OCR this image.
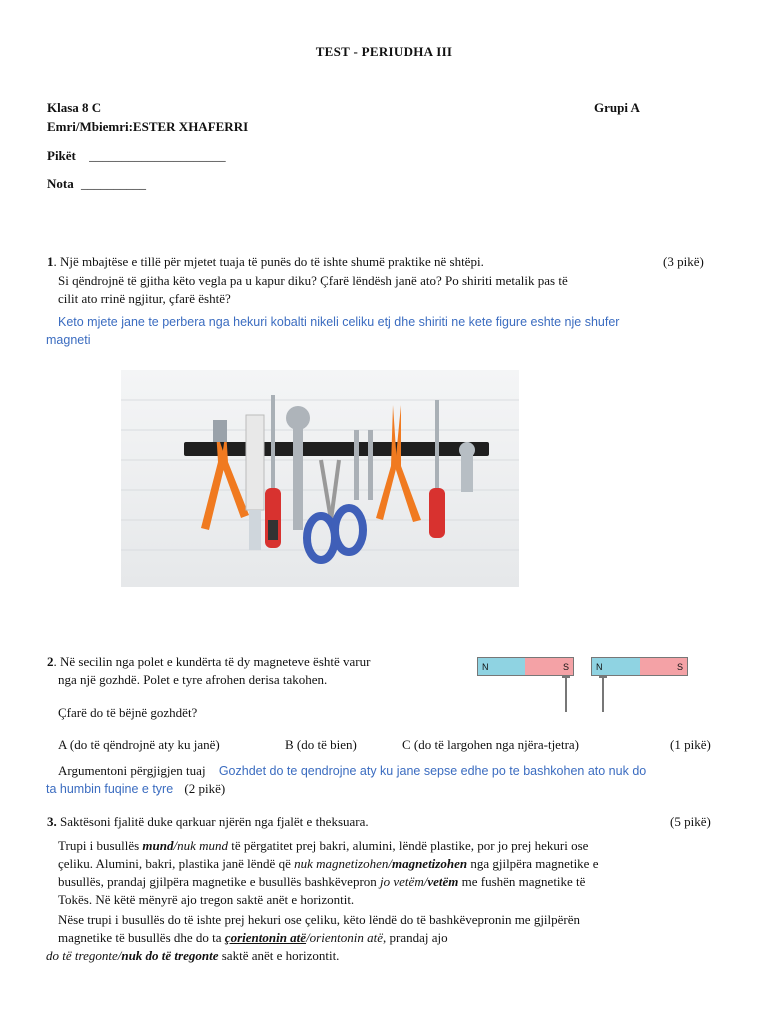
TEST - PERIUDHA III
Klasa 8 C	Grupi A
Emri/Mbiemri:ESTER XHAFERRI
Pikët _____________________
Nota __________
1. Një mbajtëse e tillë për mjetet tuaja të punës do të ishte shumë praktike në shtëpi.	(3 pikë)
Si qëndrojnë të gjitha këto vegla pa u kapur diku? Çfarë lëndësh janë ato? Po shiriti metalik pas të
cilit ato rrinë ngjitur, çfarë është?
Keto mjete jane te perbera nga hekuri kobalti nikeli celiku etj dhe shiriti ne kete figure eshte nje shufer
magneti
2. Në secilin nga polet e kundërta të dy magneteve është varur
nga një gozhdë. Polet e tyre afrohen derisa takohen.
N	S	N	S
Çfarë do të bëjnë gozhdët?
A (do të qëndrojnë aty ku janë)	B (do të bien)	C (do të largohen nga njëra-tjetra)	(1 pikë)
Argumentoni përgjigjen tuaj Gozhdet do te qendrojne aty ku jane sepse edhe po te bashkohen ato nuk do
ta humbin fuqine e tyre (2 pikë)
3. Saktësoni fjalitë duke qarkuar njërën nga fjalët e theksuara.	(5 pikë)
Trupi i busullës mund/nuk mund të përgatitet prej bakri, alumini, lëndë plastike, por jo prej hekuri ose
çeliku. Alumini, bakri, plastika janë lëndë që nuk magnetizohen/magnetizohen nga gjilpëra magnetike e
busullës, prandaj gjilpëra magnetike e busullës bashkëvepron jo vetëm/vetëm me fushën magnetike të
Tokës. Në këtë mënyrë ajo tregon saktë anët e horizontit.
Nëse trupi i busullës do të ishte prej hekuri ose çeliku, këto lëndë do të bashkëvepronin me gjilpërën
magnetike të busullës dhe do ta çorientonin atë/orientonin atë, prandaj ajo
do të tregonte/nuk do të tregonte saktë anët e horizontit.
